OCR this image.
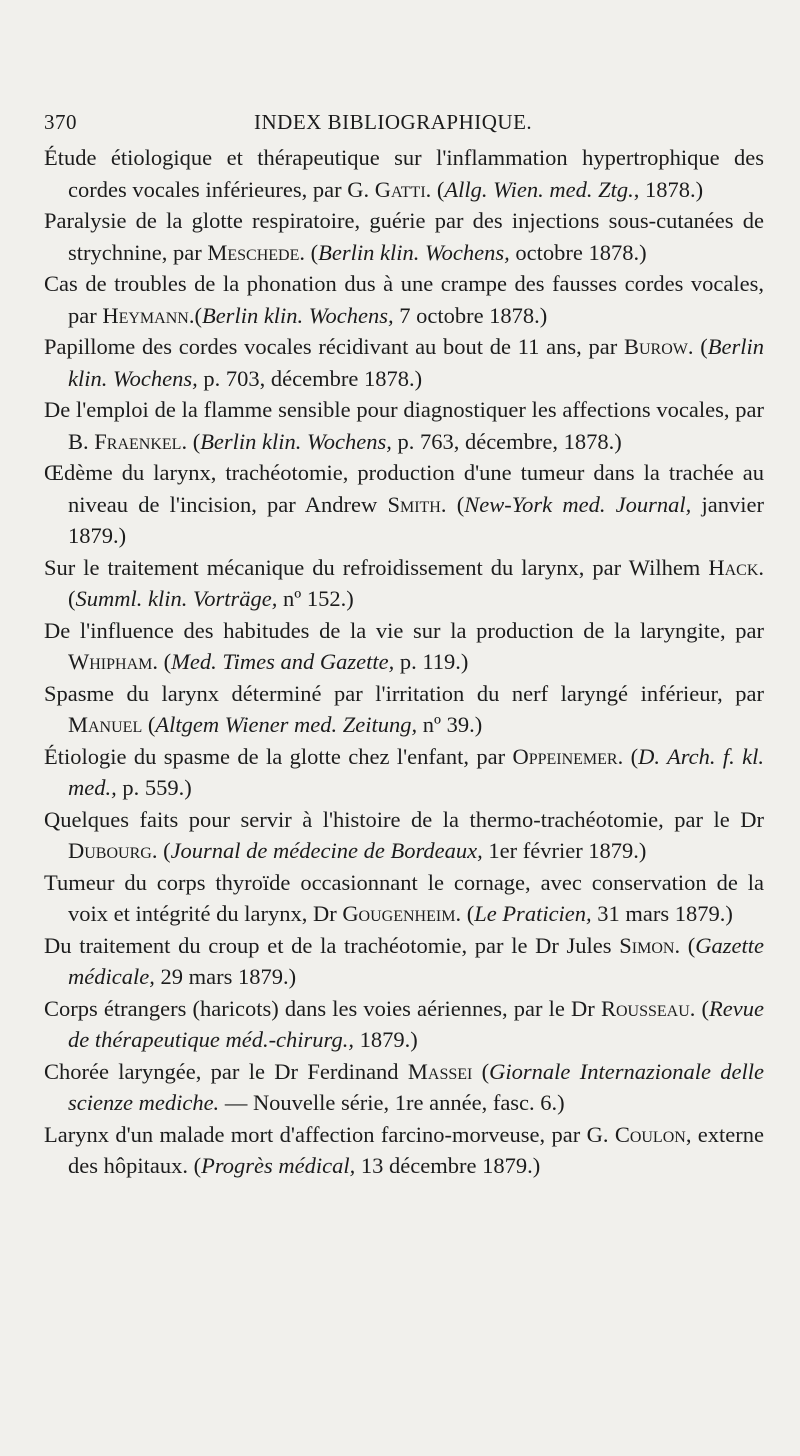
370	INDEX BIBLIOGRAPHIQUE.

Étude étiologique et thérapeutique sur l'inflammation hypertrophique des cordes vocales inférieures, par G. Gatti. (Allg. Wien. med. Ztg., 1878.)

Paralysie de la glotte respiratoire, guérie par des injections sous-cutanées de strychnine, par Meschede. (Berlin klin. Wochens, octobre 1878.)

Cas de troubles de la phonation dus à une crampe des fausses cordes vocales, par Heymann.(Berlin klin. Wochens, 7 octobre 1878.)

Papillome des cordes vocales récidivant au bout de 11 ans, par Burow. (Berlin klin. Wochens, p. 703, décembre 1878.)

De l'emploi de la flamme sensible pour diagnostiquer les affections vocales, par B. Fraenkel. (Berlin klin. Wochens, p. 763, décembre, 1878.)

Œdème du larynx, trachéotomie, production d'une tumeur dans la trachée au niveau de l'incision, par Andrew Smith. (New-York med. Journal, janvier 1879.)

Sur le traitement mécanique du refroidissement du larynx, par Wilhem Hack. (Summl. klin. Vorträge, nº 152.)

De l'influence des habitudes de la vie sur la production de la laryngite, par Whipham. (Med. Times and Gazette, p. 119.)

Spasme du larynx déterminé par l'irritation du nerf laryngé inférieur, par Manuel (Altgem Wiener med. Zeitung, nº 39.)

Étiologie du spasme de la glotte chez l'enfant, par Oppeinemer. (D. Arch. f. kl. med., p. 559.)

Quelques faits pour servir à l'histoire de la thermo-trachéotomie, par le Dr Dubourg. (Journal de médecine de Bordeaux, 1er février 1879.)

Tumeur du corps thyroïde occasionnant le cornage, avec conservation de la voix et intégrité du larynx, Dr Gougenheim. (Le Praticien, 31 mars 1879.)

Du traitement du croup et de la trachéotomie, par le Dr Jules Simon. (Gazette médicale, 29 mars 1879.)

Corps étrangers (haricots) dans les voies aériennes, par le Dr Rousseau. (Revue de thérapeutique méd.-chirurg., 1879.)

Chorée laryngée, par le Dr Ferdinand Massei (Giornale Internazionale delle scienze mediche. — Nouvelle série, 1re année, fasc. 6.)

Larynx d'un malade mort d'affection farcino-morveuse, par G. Coulon, externe des hôpitaux. (Progrès médical, 13 décembre 1879.)
